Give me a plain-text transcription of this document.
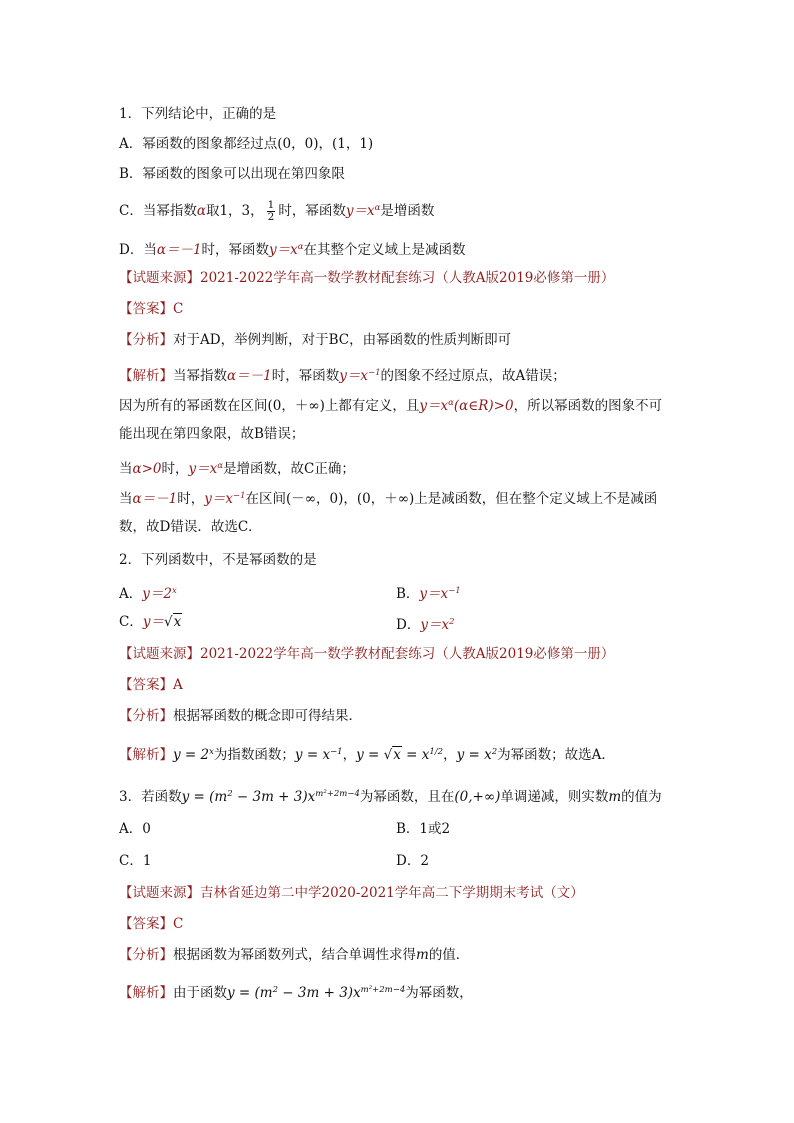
1．下列结论中，正确的是
A．幂函数的图象都经过点(0，0)，(1，1)
B．幂函数的图象可以出现在第四象限
C．当幂指数α取1，3， $\frac{1}{2}$ 时，幂函数$y=x^\alpha$是增函数
D．当α＝－1时，幂函数$y=x^\alpha$在其整个定义域上是减函数
【试题来源】2021-2022学年高一数学教材配套练习（人教A版2019必修第一册）
【答案】C
【分析】对于AD，举例判断，对于BC，由幂函数的性质判断即可
【解析】当幂指数α＝－1时，幂函数$y=x^{-1}$的图象不经过原点，故A错误；
因为所有的幂函数在区间(0，＋∞)上都有定义，且$y=x^\alpha(\alpha\in R)>0$，所以幂函数的图象不可
能出现在第四象限，故B错误；
当α>0时，$y=x^\alpha$是增函数，故C正确；
当α＝－1时，$y=x^{-1}$在区间(－∞，0)，(0，＋∞)上是减函数，但在整个定义域上不是减函
数，故D错误．故选C．
2．下列函数中，不是幂函数的是
A．$y=2^x$	B．$y=x^{-1}$
C．y＝√x	D．$y=x^2$
【试题来源】2021-2022学年高一数学教材配套练习（人教A版2019必修第一册）
【答案】A
【分析】根据幂函数的概念即可得结果．
【解析】$y = 2^x$为指数函数；$y = x^{-1}$，$y = √x = x^{1/2}$，$y = x^2$为幂函数；故选A．
3．若函数$y = (m^2 - 3m + 3)x^{m^2+2m-4}$为幂函数，且在(0,+∞)单调递减，则实数m的值为
A．0	B．1或2
C．1	D．2
【试题来源】吉林省延边第二中学2020-2021学年高二下学期期末考试（文）
【答案】C
【分析】根据函数为幂函数列式，结合单调性求得m的值．
【解析】由于函数$y = (m^2 - 3m + 3)x^{m^2+2m-4}$为幂函数，
